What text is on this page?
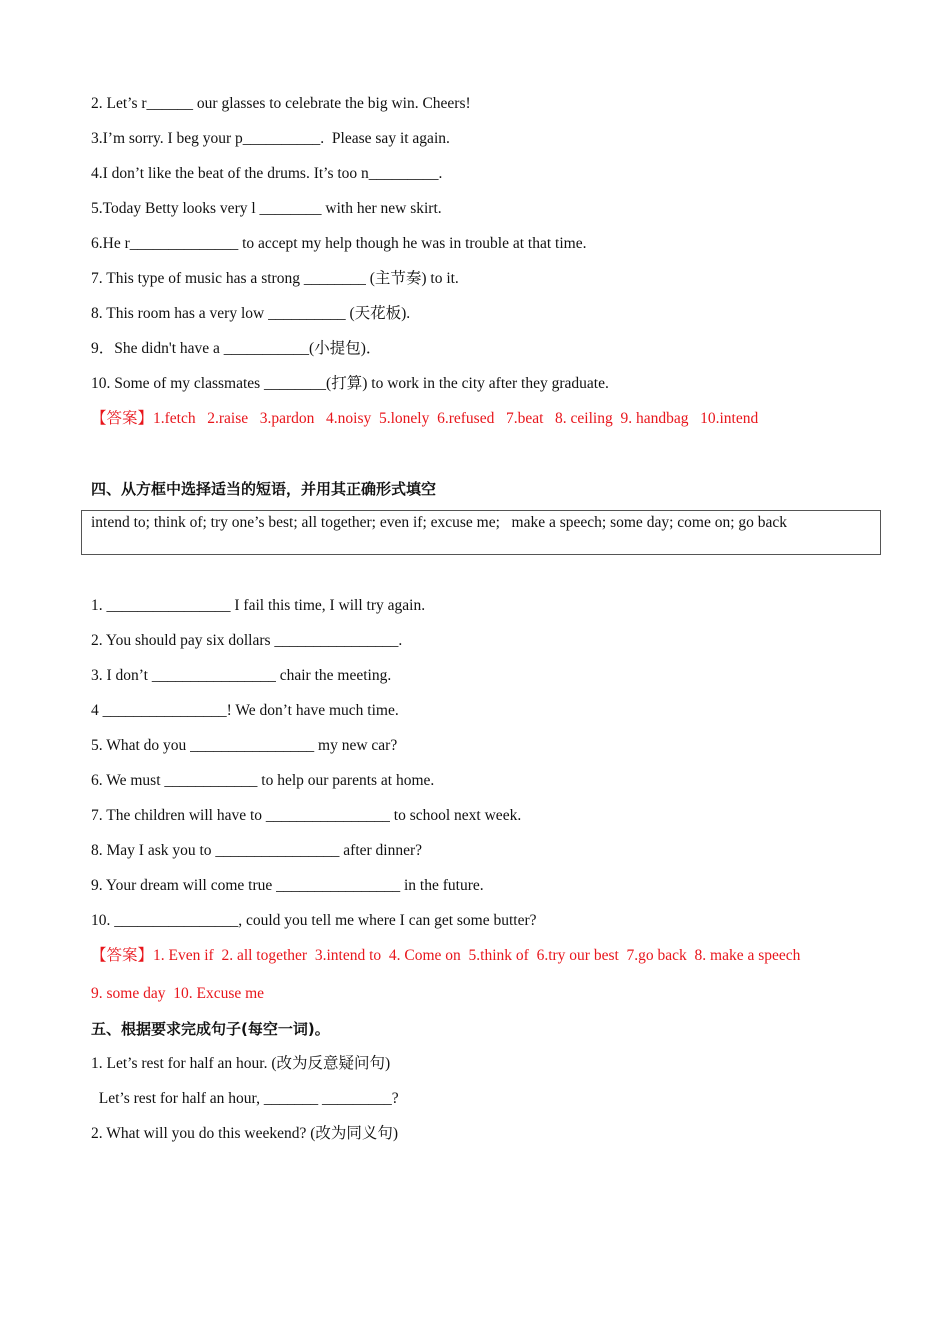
2. Let’s r______ our glasses to celebrate the big win. Cheers!
3.I’m sorry. I beg your p__________.  Please say it again.
4.I don’t like the beat of the drums. It’s too n_________.
5.Today Betty looks very l ________ with her new skirt.
6.He r______________ to accept my help though he was in trouble at that time.
7. This type of music has a strong ________ (主节奏) to it.
8. This room has a very low __________ (天花板).
9．She didn't have a ___________(小提包)．
10. Some of my classmates ________(打算) to work in the city after they graduate.
【答案】1.fetch   2.raise   3.pardon   4.noisy  5.lonely  6.refused   7.beat   8. ceiling  9. handbag   10.intend
四、从方框中选择适当的短语，并用其正确形式填空
intend to; think of; try one’s best; all together; even if; excuse me;   make a speech; some day; come on; go back
1. ________________ I fail this time, I will try again.
2. You should pay six dollars ________________.
3. I don’t ________________ chair the meeting.
4 ________________! We don’t have much time.
5. What do you ________________ my new car?
6. We must ____________ to help our parents at home.
7. The children will have to ________________ to school next week.
8. May I ask you to ________________ after dinner?
9. Your dream will come true ________________ in the future.
10. ________________, could you tell me where I can get some butter?
【答案】1. Even if  2. all together  3.intend to  4. Come on  5.think of  6.try our best  7.go back  8. make a speech
9. some day  10. Excuse me
五、根据要求完成句子(每空一词)。
1. Let’s rest for half an hour. (改为反意疑问句)
Let’s rest for half an hour, _______ _________?
2. What will you do this weekend? (改为同义句)
